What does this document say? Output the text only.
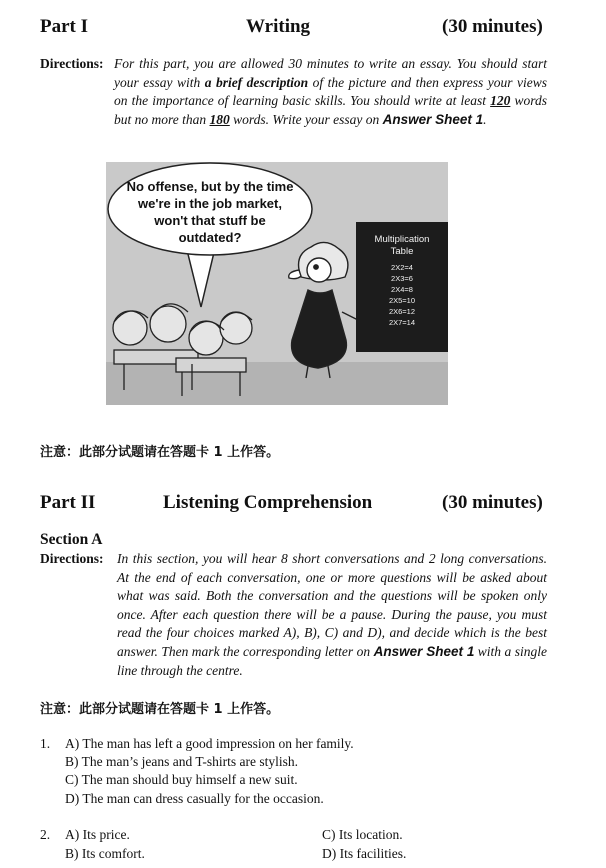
Part I	Writing	(30 minutes)
Directions: For this part, you are allowed 30 minutes to write an essay. You should start your essay with a brief description of the picture and then express your views on the importance of learning basic skills. You should write at least 120 words but no more than 180 words. Write your essay on Answer Sheet 1.
No offense, but by the time we're in the job market, won't that stuff be outdated?	Multiplication Table
2X2=4
2X3=6
2X4=8
2X5=10
2X6=12
2X7=14
注意：此部分试题请在答题卡 1 上作答。
Part II	Listening Comprehension	(30 minutes)
Section A
Directions: In this section, you will hear 8 short conversations and 2 long conversations. At the end of each conversation, one or more questions will be asked about what was said. Both the conversation and the questions will be spoken only once. After each question there will be a pause. During the pause, you must read the four choices marked A), B), C) and D), and decide which is the best answer. Then mark the corresponding letter on Answer Sheet 1 with a single line through the centre.
注意：此部分试题请在答题卡 1 上作答。
1. A) The man has left a good impression on her family.
B) The man’s jeans and T-shirts are stylish.
C) The man should buy himself a new suit.
D) The man can dress casually for the occasion.
2. A) Its price.
B) Its comfort.
C) Its location.
D) Its facilities.
